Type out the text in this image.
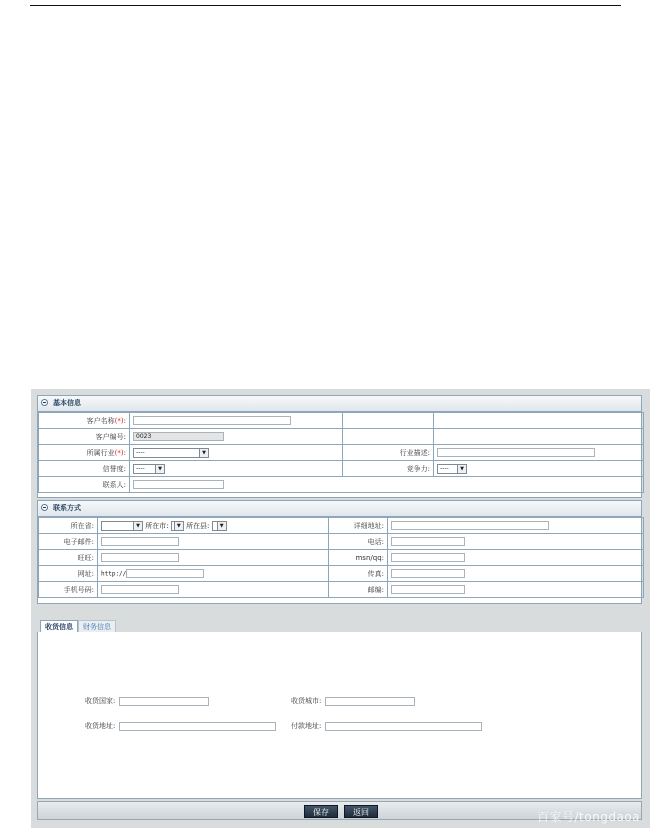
基本信息
客户名称(*):			
客户编号:	0023		
所属行业(*):	---- ▼	行业描述:	
信誉度:	---- ▼	竞争力:	---- ▼

联系人:			
联系方式
所在省:	▼ 所在市: ▼ 所在县: ▼	详细地址:	
电子邮件:		电话:	
旺旺:		msn/qq:	
网址:	http://	传真:	
手机号码:		邮编:	
收货信息	财务信息
收货国家:	收货城市:
收货地址:	付款地址:
保存	返回	百家号/tongdaoa
